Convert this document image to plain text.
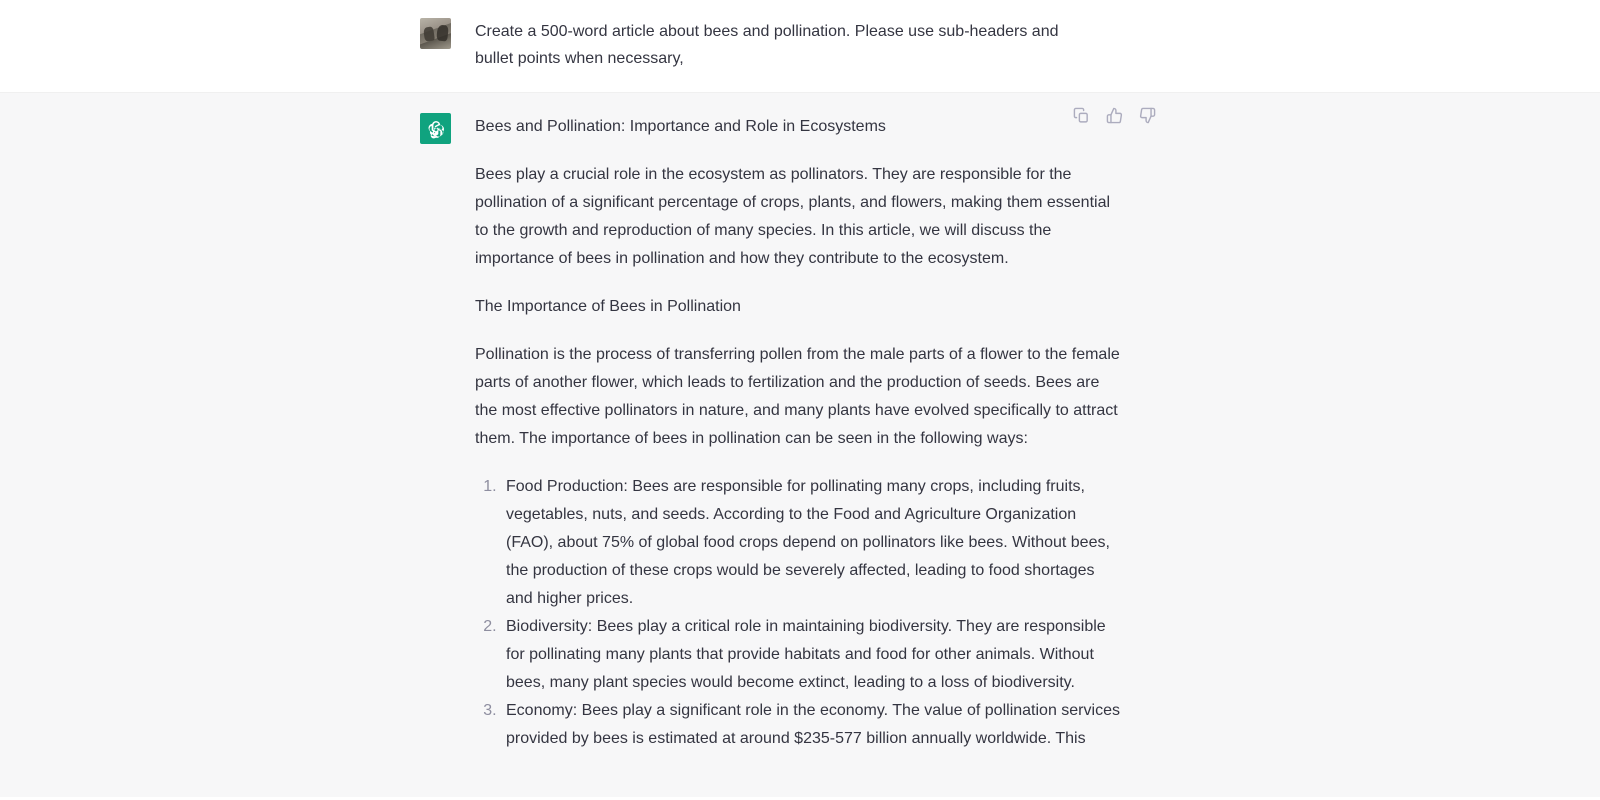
Create a 500-word article about bees and pollination. Please use sub-headers and bullet points when necessary,

Bees and Pollination: Importance and Role in Ecosystems

Bees play a crucial role in the ecosystem as pollinators. They are responsible for the pollination of a significant percentage of crops, plants, and flowers, making them essential to the growth and reproduction of many species. In this article, we will discuss the importance of bees in pollination and how they contribute to the ecosystem.

The Importance of Bees in Pollination

Pollination is the process of transferring pollen from the male parts of a flower to the female parts of another flower, which leads to fertilization and the production of seeds. Bees are the most effective pollinators in nature, and many plants have evolved specifically to attract them. The importance of bees in pollination can be seen in the following ways:

1. Food Production: Bees are responsible for pollinating many crops, including fruits, vegetables, nuts, and seeds. According to the Food and Agriculture Organization (FAO), about 75% of global food crops depend on pollinators like bees. Without bees, the production of these crops would be severely affected, leading to food shortages and higher prices.
2. Biodiversity: Bees play a critical role in maintaining biodiversity. They are responsible for pollinating many plants that provide habitats and food for other animals. Without bees, many plant species would become extinct, leading to a loss of biodiversity.
3. Economy: Bees play a significant role in the economy. The value of pollination services provided by bees is estimated at around $235-577 billion annually worldwide. This
